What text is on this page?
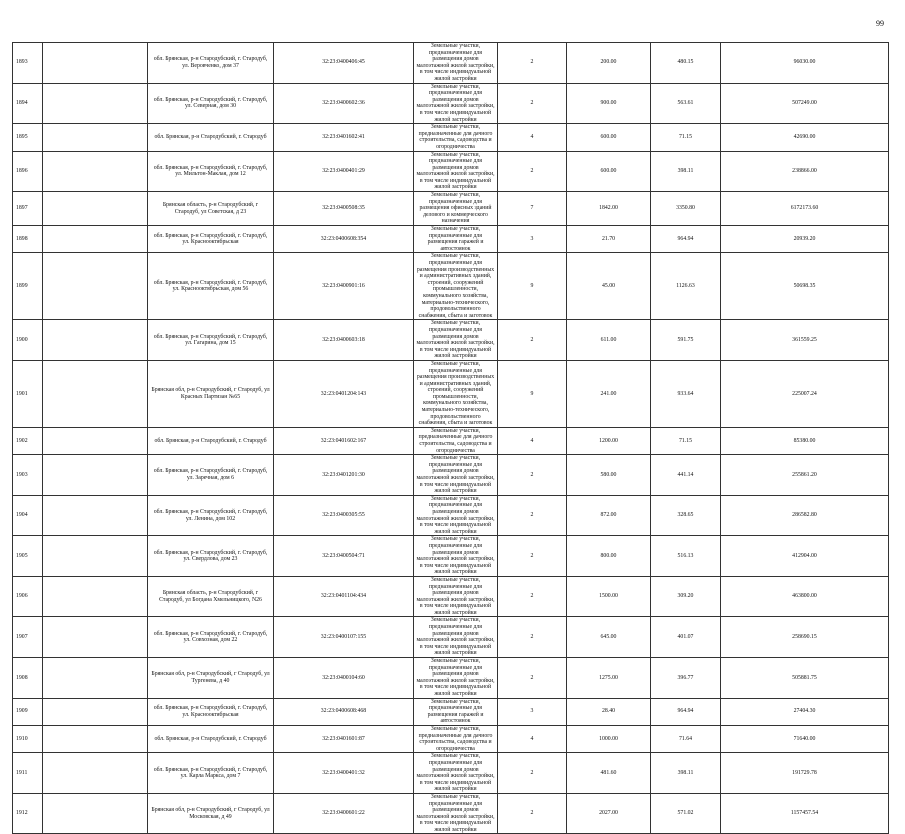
99
1893		обл. Брянская, р-н Стародубский, г. Стародуб, ул. Веровченко, дом 37	32:23:0400406:45	Земельные участки, предназначенные для размещения домов малоэтажной жилой застройки, в том числе индивидуальной жилой застройки	2	200.00	480.15	96030.00
1894		обл. Брянская, р-н Стародубский, г. Стародуб, ул. Северная, дом 30	32:23:0400602:36	Земельные участки, предназначенные для размещения домов малоэтажной жилой застройки, в том числе индивидуальной жилой застройки	2	900.00	563.61	507249.00
1895		обл. Брянская, р-н Стародубский, г. Стародуб	32:23:0401602:41	Земельные участки, предназначенные для дачного строительства, садоводства и огородничества	4	600.00	71.15	42690.00
1896		обл. Брянская, р-н Стародубский, г. Стародуб, ул. Мильтон-Маклая, дом 12	32:23:0400401:29	Земельные участки, предназначенные для размещения домов малоэтажной жилой застройки, в том числе индивидуальной жилой застройки	2	600.00	398.11	238866.00
1897		Брянская область, р-н Стародубский, г Стародуб, ул Советская, д 23	32:23:0400508:35	Земельные участки, предназначенные для размещения офисных зданий делового и коммерческого назначения	7	1842.00	3350.80	6172173.60
1898		обл. Брянская, р-н Стародубский, г. Стародуб, ул. Краснооктябрьская	32:23:0400608:354	Земельные участки, предназначенные для размещения гаражей и автостоянок	3	21.70	964.94	20939.20
1899		обл. Брянская, р-н Стародубский, г. Стародуб, ул. Краснооктябрьская, дом 56	32:23:0400901:16	Земельные участки, предназначенные для размещения производственных и административных зданий, строений, сооружений промышленности, коммунального хозяйства, материально-технического, продовольственного снабжения, сбыта и заготовок	9	45.00	1126.63	50698.35
1900		обл. Брянская, р-н Стародубский, г. Стародуб, ул. Гагарина, дом 15	32:23:0400603:18	Земельные участки, предназначенные для размещения домов малоэтажной жилой застройки, в том числе индивидуальной жилой застройки	2	611.00	591.75	361559.25
1901		Брянская обл, р-н Стародубский, г Стародуб, ул Красных Партизан №65	32:23:0401204:143	Земельные участки, предназначенные для размещения производственных и административных зданий, строений, сооружений промышленности, коммунального хозяйства, материально-технического, продовольственного снабжения, сбыта и заготовок	9	241.00	933.64	225007.24
1902		обл. Брянская, р-н Стародубский, г. Стародуб	32:23:0401602:167	Земельные участки, предназначенные для дачного строительства, садоводства и огородничества	4	1200.00	71.15	85380.00
1903		обл. Брянская, р-н Стародубский, г. Стародуб, ул. Заречная, дом 6	32:23:0401201:30	Земельные участки, предназначенные для размещения домов малоэтажной жилой застройки, в том числе индивидуальной жилой застройки	2	580.00	441.14	255861.20
1904		обл. Брянская, р-н Стародубский, г. Стародуб, ул. Ленина, дом 102	32:23:0400305:55	Земельные участки, предназначенные для размещения домов малоэтажной жилой застройки, в том числе индивидуальной жилой застройки	2	872.00	328.65	286582.80
1905		обл. Брянская, р-н Стародубский, г. Стародуб, ул. Свердлова, дом 23	32:23:0400504:71	Земельные участки, предназначенные для размещения домов малоэтажной жилой застройки, в том числе индивидуальной жилой застройки	2	800.00	516.13	412904.00
1906		Брянская область, р-н Стародубский, г Стародуб, ул Богдана Хмельницкого, N26	32:23:0401104:434	Земельные участки, предназначенные для размещения домов малоэтажной жилой застройки, в том числе индивидуальной жилой застройки	2	1500.00	309.20	463800.00
1907		обл. Брянская, р-н Стародубский, г. Стародуб, ул. Совхозная, дом 22	32:23:0400107:155	Земельные участки, предназначенные для размещения домов малоэтажной жилой застройки, в том числе индивидуальной жилой застройки	2	645.00	401.07	258690.15
1908		Брянская обл, р-н Стародубский, г Стародуб, ул Тургенева, д 40	32:23:0400104:60	Земельные участки, предназначенные для размещения домов малоэтажной жилой застройки, в том числе индивидуальной жилой застройки	2	1275.00	396.77	505881.75
1909		обл. Брянская, р-н Стародубский, г. Стародуб, ул. Краснооктябрьская	32:23:0400608:468	Земельные участки, предназначенные для размещения гаражей и автостоянок	3	28.40	964.94	27404.30
1910		обл. Брянская, р-н Стародубский, г. Стародуб	32:23:0401601:87	Земельные участки, предназначенные для дачного строительства, садоводства и огородничества	4	1000.00	71.64	71640.00
1911		обл. Брянская, р-н Стародубский, г. Стародуб, ул. Карла Маркса, дом 7	32:23:0400401:32	Земельные участки, предназначенные для размещения домов малоэтажной жилой застройки, в том числе индивидуальной жилой застройки	2	481.60	398.11	191729.78
1912		Брянская обл, р-н Стародубский, г Стародуб, ул Московская, д 49	32:23:0400601:22	Земельные участки, предназначенные для размещения домов малоэтажной жилой застройки, в том числе индивидуальной жилой застройки	2	2027.00	571.02	1157457.54
